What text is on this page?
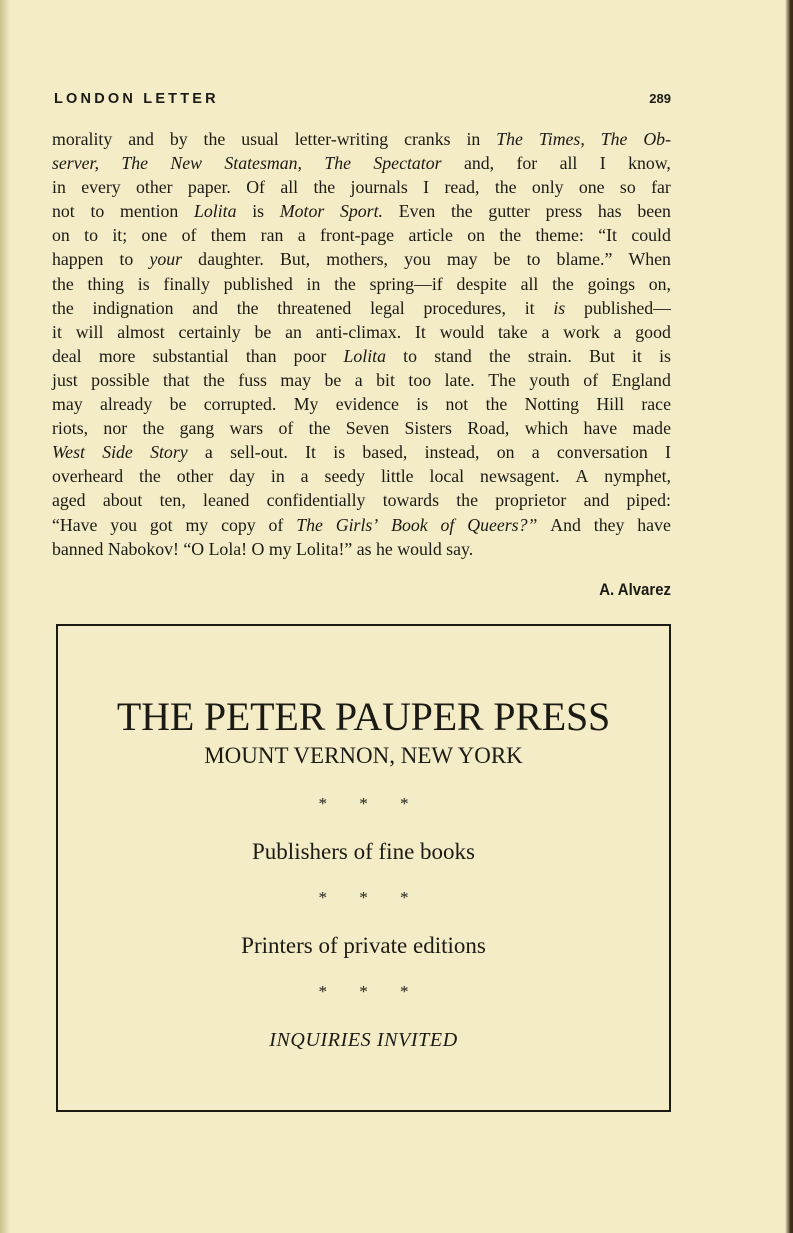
LONDON LETTER	289
morality and by the usual letter-writing cranks in The Times, The Ob-
server, The New Statesman, The Spectator and, for all I know,
in every other paper. Of all the journals I read, the only one so far
not to mention Lolita is Motor Sport. Even the gutter press has been
on to it; one of them ran a front-page article on the theme: “It could
happen to your daughter. But, mothers, you may be to blame.” When
the thing is finally published in the spring—if despite all the goings on,
the indignation and the threatened legal procedures, it is published—
it will almost certainly be an anti-climax. It would take a work a good
deal more substantial than poor Lolita to stand the strain. But it is
just possible that the fuss may be a bit too late. The youth of England
may already be corrupted. My evidence is not the Notting Hill race
riots, nor the gang wars of the Seven Sisters Road, which have made
West Side Story a sell-out. It is based, instead, on a conversation I
overheard the other day in a seedy little local newsagent. A nymphet,
aged about ten, leaned confidentially towards the proprietor and piped:
“Have you got my copy of The Girls’ Book of Queers?” And they have
banned
Nabokov!
“O
Lola!
O
my
Lolita!”
as
he
would
say.

A. Alvarez
THE PETER PAUPER PRESS
MOUNT VERNON, NEW YORK
* * *
Publishers of fine books
* * *
Printers of private editions
* * *
INQUIRIES INVITED
